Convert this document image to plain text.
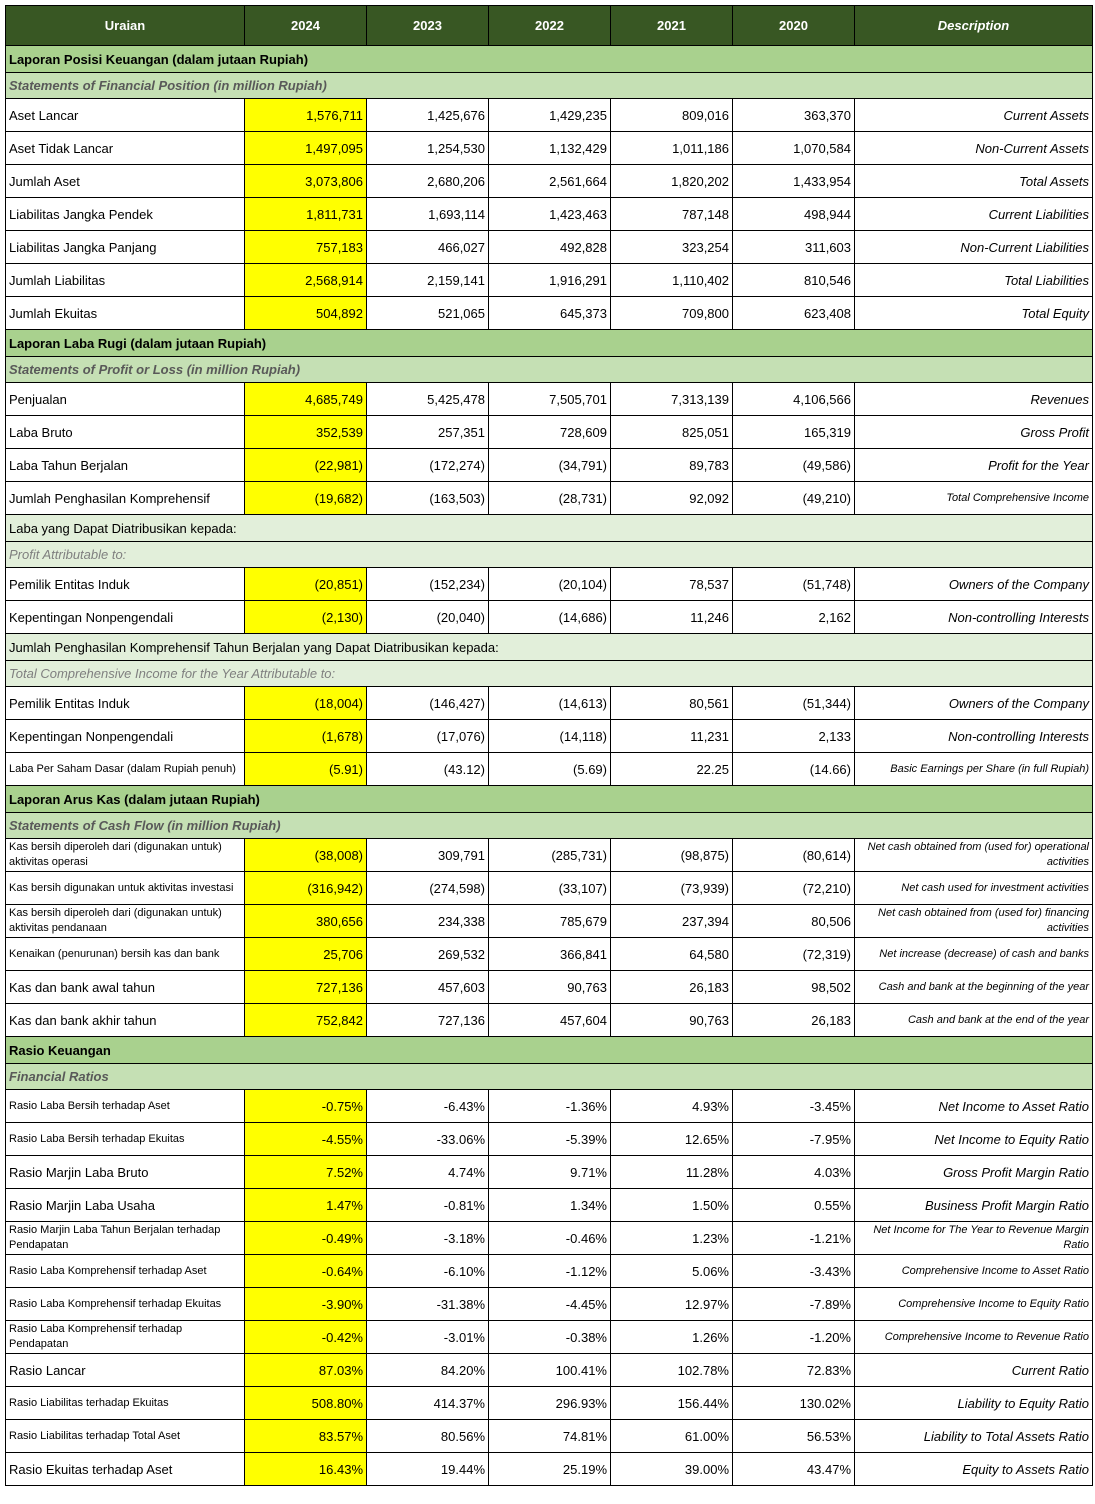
Uraian	2024	2023	2022	2021	2020	Description
Laporan Posisi Keuangan (dalam jutaan Rupiah)						
Statements of Financial Position (in million Rupiah)						
Aset Lancar	1,576,711	1,425,676	1,429,235	809,016	363,370	Current Assets
Aset Tidak Lancar	1,497,095	1,254,530	1,132,429	1,011,186	1,070,584	Non-Current Assets
Jumlah Aset	3,073,806	2,680,206	2,561,664	1,820,202	1,433,954	Total Assets
Liabilitas Jangka Pendek	1,811,731	1,693,114	1,423,463	787,148	498,944	Current Liabilities
Liabilitas Jangka Panjang	757,183	466,027	492,828	323,254	311,603	Non-Current Liabilities
Jumlah Liabilitas	2,568,914	2,159,141	1,916,291	1,110,402	810,546	Total Liabilities
Jumlah Ekuitas	504,892	521,065	645,373	709,800	623,408	Total Equity
Laporan Laba Rugi (dalam jutaan Rupiah)						
Statements of Profit or Loss (in million Rupiah)						
Penjualan	4,685,749	5,425,478	7,505,701	7,313,139	4,106,566	Revenues
Laba Bruto	352,539	257,351	728,609	825,051	165,319	Gross Profit
Laba Tahun Berjalan	(22,981)	(172,274)	(34,791)	89,783	(49,586)	Profit for the Year
Jumlah Penghasilan Komprehensif	(19,682)	(163,503)	(28,731)	92,092	(49,210)	Total Comprehensive Income
Laba yang Dapat Diatribusikan kepada:						
Profit Attributable to:						
Pemilik Entitas Induk	(20,851)	(152,234)	(20,104)	78,537	(51,748)	Owners of the Company
Kepentingan Nonpengendali	(2,130)	(20,040)	(14,686)	11,246	2,162	Non-controlling Interests
Jumlah Penghasilan Komprehensif Tahun Berjalan yang Dapat Diatribusikan kepada:						
Total Comprehensive Income for the Year Attributable to:						
Pemilik Entitas Induk	(18,004)	(146,427)	(14,613)	80,561	(51,344)	Owners of the Company
Kepentingan Nonpengendali	(1,678)	(17,076)	(14,118)	11,231	2,133	Non-controlling Interests
Laba Per Saham Dasar (dalam Rupiah penuh)	(5.91)	(43.12)	(5.69)	22.25	(14.66)	Basic Earnings per Share (in full Rupiah)
Laporan Arus Kas (dalam jutaan Rupiah)						
Statements of Cash Flow (in million Rupiah)						
Kas bersih diperoleh dari (digunakan untuk) aktivitas operasi	(38,008)	309,791	(285,731)	(98,875)	(80,614)	Net cash obtained from (used for) operational activities
Kas bersih digunakan untuk aktivitas investasi	(316,942)	(274,598)	(33,107)	(73,939)	(72,210)	Net cash used for investment activities
Kas bersih diperoleh dari (digunakan untuk) aktivitas pendanaan	380,656	234,338	785,679	237,394	80,506	Net cash obtained from (used for) financing activities
Kenaikan (penurunan) bersih kas dan bank	25,706	269,532	366,841	64,580	(72,319)	Net increase (decrease) of cash and banks
Kas dan bank awal tahun	727,136	457,603	90,763	26,183	98,502	Cash and bank at the beginning of the year
Kas dan bank akhir tahun	752,842	727,136	457,604	90,763	26,183	Cash and bank at the end of the year
Rasio Keuangan						
Financial Ratios						
Rasio Laba Bersih terhadap Aset	-0.75%	-6.43%	-1.36%	4.93%	-3.45%	Net Income to Asset Ratio
Rasio Laba Bersih terhadap Ekuitas	-4.55%	-33.06%	-5.39%	12.65%	-7.95%	Net Income to Equity Ratio
Rasio Marjin Laba Bruto	7.52%	4.74%	9.71%	11.28%	4.03%	Gross Profit Margin Ratio
Rasio Marjin Laba Usaha	1.47%	-0.81%	1.34%	1.50%	0.55%	Business Profit Margin Ratio
Rasio Marjin Laba Tahun Berjalan terhadap Pendapatan	-0.49%	-3.18%	-0.46%	1.23%	-1.21%	Net Income for The Year to Revenue Margin Ratio
Rasio Laba Komprehensif terhadap Aset	-0.64%	-6.10%	-1.12%	5.06%	-3.43%	Comprehensive Income to Asset Ratio
Rasio Laba Komprehensif terhadap Ekuitas	-3.90%	-31.38%	-4.45%	12.97%	-7.89%	Comprehensive Income to Equity Ratio
Rasio Laba Komprehensif terhadap Pendapatan	-0.42%	-3.01%	-0.38%	1.26%	-1.20%	Comprehensive Income to Revenue Ratio
Rasio Lancar	87.03%	84.20%	100.41%	102.78%	72.83%	Current Ratio
Rasio Liabilitas terhadap Ekuitas	508.80%	414.37%	296.93%	156.44%	130.02%	Liability to Equity Ratio
Rasio Liabilitas terhadap Total Aset	83.57%	80.56%	74.81%	61.00%	56.53%	Liability to Total Assets Ratio
Rasio Ekuitas terhadap Aset	16.43%	19.44%	25.19%	39.00%	43.47%	Equity to Assets Ratio
